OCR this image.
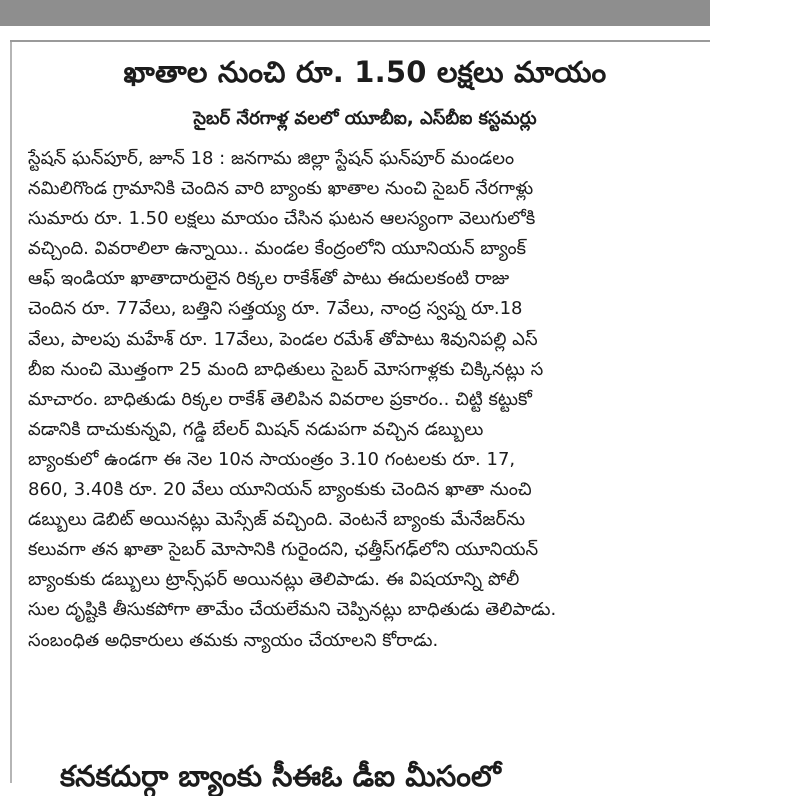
ఖాతాల నుంచి రూ. 1.50 లక్షలు మాయం
సైబర్ నేరగాళ్ల వలలో యూబీఐ, ఎస్‌బీఐ కస్టమర్లు
స్టేషన్ ఘన్‌పూర్, జూన్ 18 : జనగామ జిల్లా స్టేషన్ ఘన్‌పూర్ మండలం
నమిలిగొండ గ్రామానికి చెందిన వారి బ్యాంకు ఖాతాల నుంచి సైబర్ నేరగాళ్లు
సుమారు రూ. 1.50 లక్షలు మాయం చేసిన ఘటన ఆలస్యంగా వెలుగులోకి
వచ్చింది. వివరాలిలా ఉన్నాయి.. మండల కేంద్రంలోని యూనియన్ బ్యాంక్
ఆఫ్ ఇండియా ఖాతాదారులైన రిక్కల రాకేశ్‌తో పాటు ఈదులకంటి రాజు
చెందిన రూ. 77వేలు, బత్తిని సత్తయ్య రూ. 7వేలు, నాంద్ర స్వప్న రూ.18
వేలు, పాలపు మహేశ్ రూ. 17వేలు, పెండల రమేశ్ తోపాటు శివునిపల్లి ఎస్
బీఐ నుంచి మొత్తంగా 25 మంది బాధితులు సైబర్ మోసగాళ్లకు చిక్కినట్లు స
మాచారం. బాధితుడు రిక్కల రాకేశ్ తెలిపిన వివరాల ప్రకారం.. చిట్టి కట్టుకో
వడానికి దాచుకున్నవి, గడ్డి బేలర్ మిషన్ నడుపగా వచ్చిన డబ్బులు
బ్యాంకులో ఉండగా ఈ నెల 10న సాయంత్రం 3.10 గంటలకు రూ. 17,
860, 3.40కి రూ. 20 వేలు యూనియన్ బ్యాంకుకు చెందిన ఖాతా నుంచి
డబ్బులు డెబిట్ అయినట్లు మెస్సేజ్ వచ్చింది. వెంటనే బ్యాంకు మేనేజర్‌ను
కలువగా తన ఖాతా సైబర్ మోసానికి గురైందని, ఛత్తీస్‌గఢ్‌లోని యూనియన్
బ్యాంకుకు డబ్బులు ట్రాన్స్‌ఫర్ అయినట్లు తెలిపాడు. ఈ విషయాన్ని పోలీ
సుల దృష్టికి తీసుకపోగా తామేం చేయలేమని చెప్పినట్లు బాధితుడు తెలిపాడు.
సంబంధిత అధికారులు తమకు న్యాయం చేయాలని కోరాడు.
కనకదుర్గా బ్యాంకు సీఈఓ డీఐ మీసంలో
